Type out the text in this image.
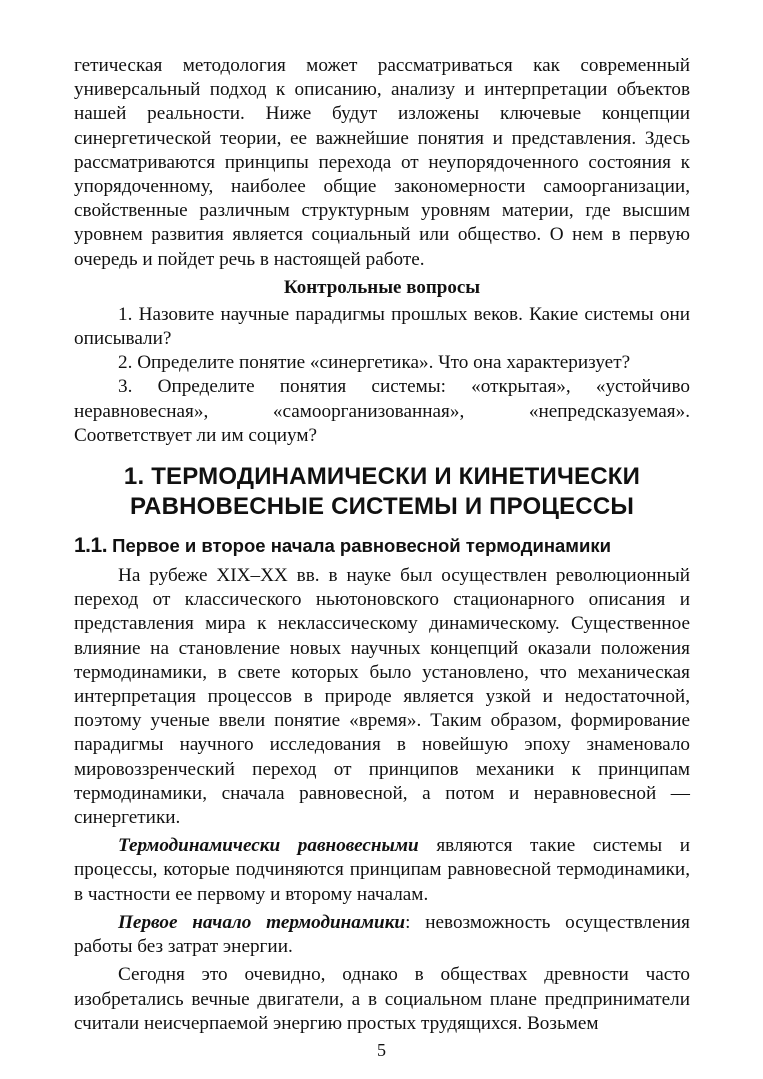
гетическая методология может рассматриваться как современный универсальный подход к описанию, анализу и интерпретации объектов нашей реальности. Ниже будут изложены ключевые концепции синергетической теории, ее важнейшие понятия и представления. Здесь рассматриваются принципы перехода от неупорядоченного состояния к упорядоченному, наиболее общие закономерности самоорганизации, свойственные различным структурным уровням материи, где высшим уровнем развития является социальный или общество. О нем в первую очередь и пойдет речь в настоящей работе.

Контрольные вопросы

1. Назовите научные парадигмы прошлых веков. Какие системы они описывали?

2. Определите понятие «синергетика». Что она характеризует?

3. Определите понятия системы: «открытая», «устойчиво неравновесная», «самоорганизованная», «непредсказуемая». Соответствует ли им социум?

1. ТЕРМОДИНАМИЧЕСКИ И КИНЕТИЧЕСКИ
РАВНОВЕСНЫЕ СИСТЕМЫ И ПРОЦЕССЫ
1.1. Первое и второе начала равновесной термодинамики

На рубеже XIX–XX вв. в науке был осуществлен революционный переход от классического ньютоновского стационарного описания и представления мира к неклассическому динамическому. Существенное влияние на становление новых научных концепций оказали положения термодинамики, в свете которых было установлено, что механическая интерпретация процессов в природе является узкой и недостаточной, поэтому ученые ввели понятие «время». Таким образом, формирование парадигмы научного исследования в новейшую эпоху знаменовало мировоззренческий переход от принципов механики к принципам термодинамики, сначала равновесной, а потом и неравновесной — синергетики.

Термодинамически равновесными являются такие системы и процессы, которые подчиняются принципам равновесной термодинамики, в частности ее первому и второму началам.

Первое начало термодинамики: невозможность осуществления работы без затрат энергии.

Сегодня это очевидно, однако в обществах древности часто изобретались вечные двигатели, а в социальном плане предприниматели считали неисчерпаемой энергию простых трудящихся. Возьмем

5
